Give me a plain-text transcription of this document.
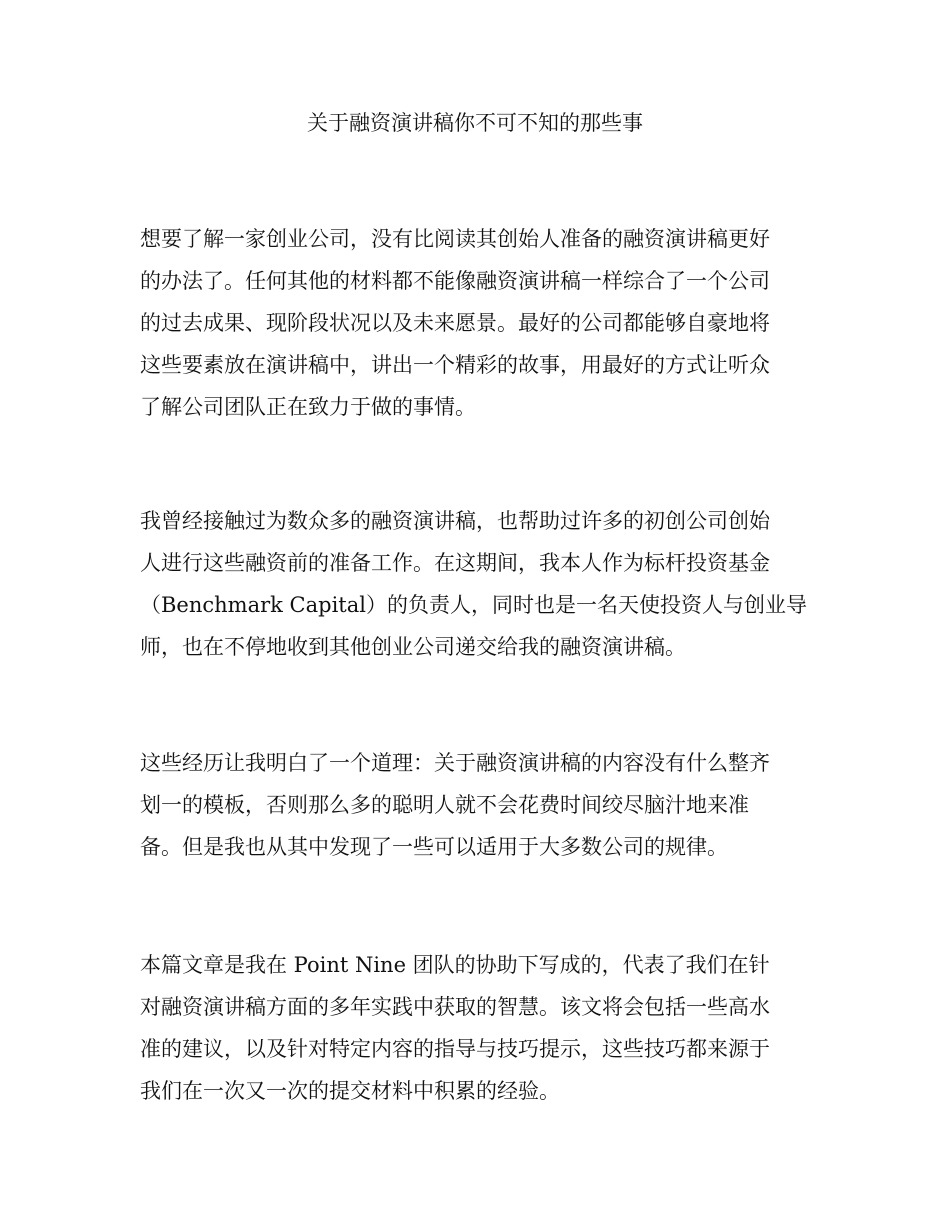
关于融资演讲稿你不可不知的那些事

想要了解一家创业公司，没有比阅读其创始人准备的融资演讲稿更好
的办法了。任何其他的材料都不能像融资演讲稿一样综合了一个公司
的过去成果、现阶段状况以及未来愿景。最好的公司都能够自豪地将
这些要素放在演讲稿中，讲出一个精彩的故事，用最好的方式让听众
了解公司团队正在致力于做的事情。

我曾经接触过为数众多的融资演讲稿，也帮助过许多的初创公司创始
人进行这些融资前的准备工作。在这期间，我本人作为标杆投资基金
（Benchmark Capital）的负责人，同时也是一名天使投资人与创业导
师，也在不停地收到其他创业公司递交给我的融资演讲稿。

这些经历让我明白了一个道理：关于融资演讲稿的内容没有什么整齐
划一的模板，否则那么多的聪明人就不会花费时间绞尽脑汁地来准
备。但是我也从其中发现了一些可以适用于大多数公司的规律。

本篇文章是我在 Point Nine 团队的协助下写成的，代表了我们在针
对融资演讲稿方面的多年实践中获取的智慧。该文将会包括一些高水
准的建议，以及针对特定内容的指导与技巧提示，这些技巧都来源于
我们在一次又一次的提交材料中积累的经验。
